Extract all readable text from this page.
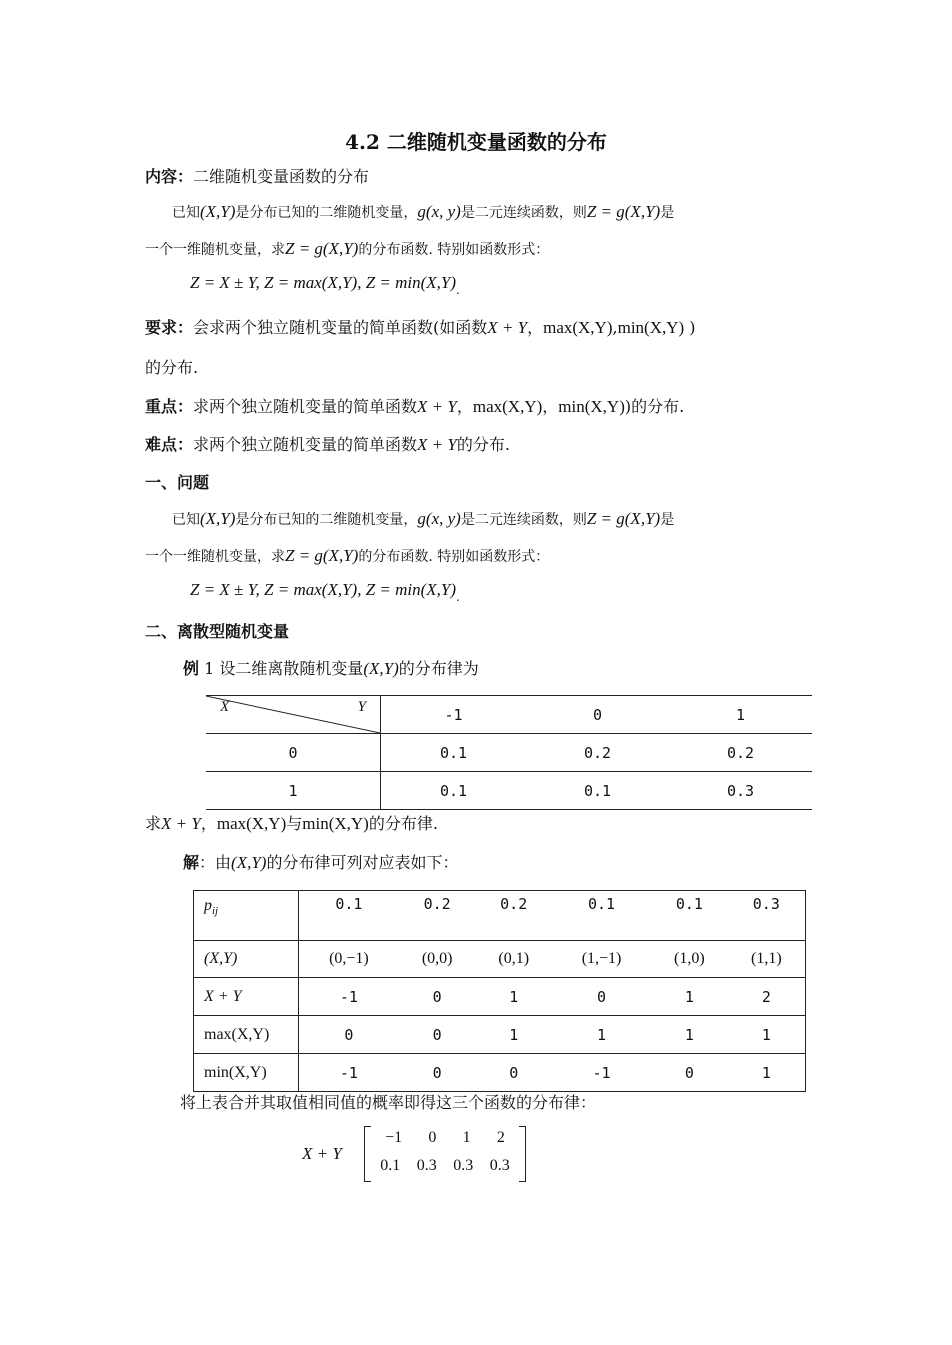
4.2 二维随机变量函数的分布
内容：二维随机变量函数的分布
已知(X,Y)是分布已知的二维随机变量，g(x, y)是二元连续函数，则Z = g(X,Y)是
一个一维随机变量，求Z = g(X,Y)的分布函数. 特别如函数形式：
Z = X ± Y, Z = max(X,Y), $Z = \min(X,Y)_.$
要求：会求两个独立随机变量的简单函数(如函数X + Y，max(X,Y),min(X,Y) )
的分布.
重点：求两个独立随机变量的简单函数X + Y，max(X,Y)，min(X,Y))的分布.
难点：求两个独立随机变量的简单函数X + Y的分布.
一、问题
已知(X,Y)是分布已知的二维随机变量，g(x, y)是二元连续函数，则Z = g(X,Y)是
一个一维随机变量，求Z = g(X,Y)的分布函数. 特别如函数形式：
Z = X ± Y, Z = max(X,Y), $Z = \min(X,Y)_.$
二、离散型随机变量
例 1 设二维离散随机变量(X,Y)的分布律为
X Y	-1	0	1
0	0.1	0.2	0.2
1	0.1	0.1	0.3
求X + Y，max(X,Y)与min(X,Y)的分布律.
解：由(X,Y)的分布律可列对应表如下：
$p_{ij}$	0.1	0.2	0.2	0.1	0.1	0.3
(X,Y)	(0,−1)	(0,0)	(0,1)	(1,−1)	(1,0)	(1,1)
X + Y	-1	0	1	0	1	2
max(X,Y)	0	0	1	1	1	1
min(X,Y)	-1	0	0	-1	0	1
将上表合并其取值相同值的概率即得这三个函数的分布律：
X + Y
−1 0 1 2
0.1 0.3 0.3 0.3
